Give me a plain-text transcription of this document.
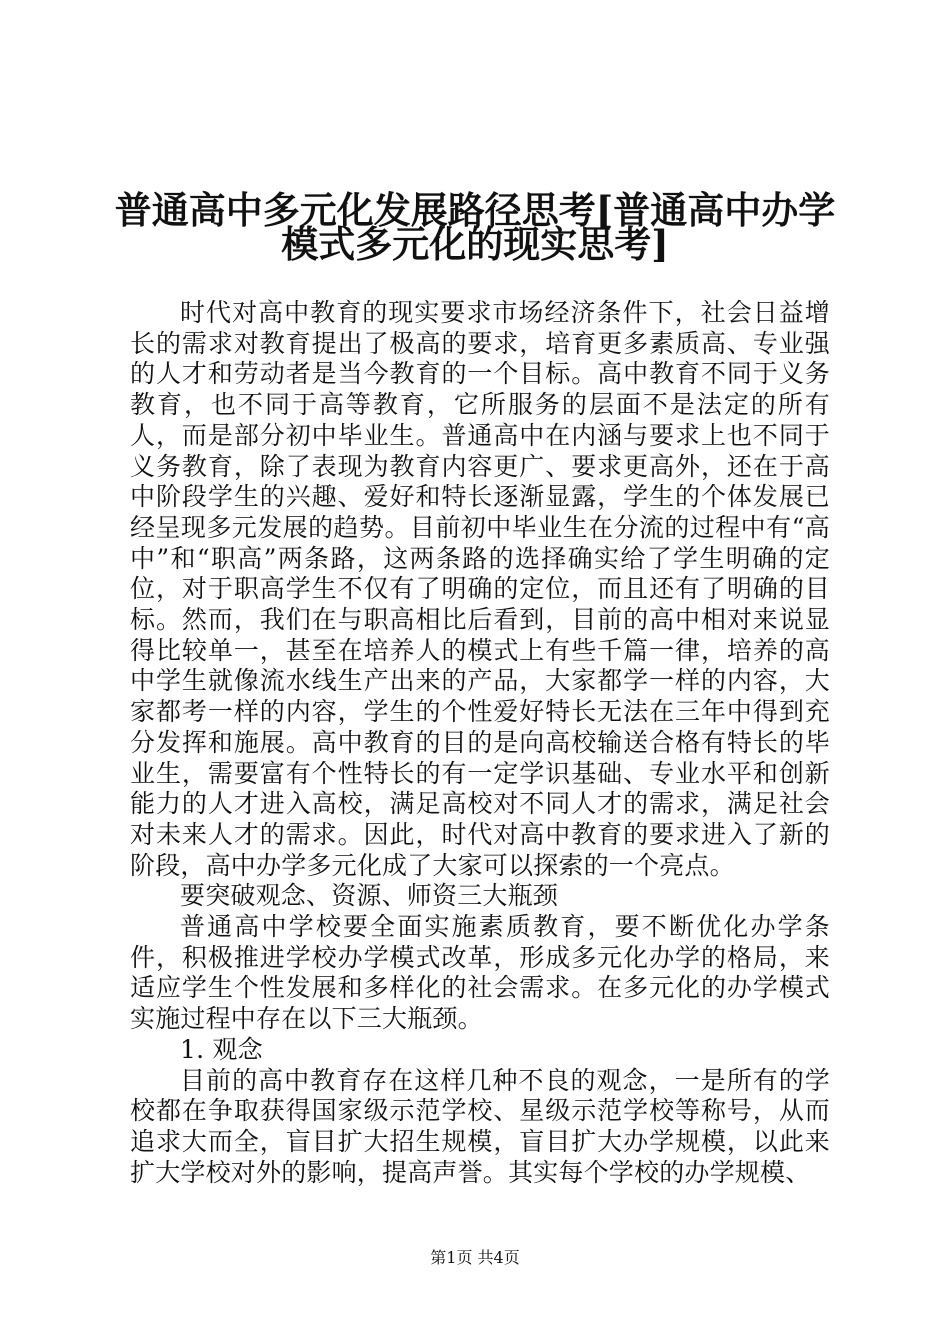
普通高中多元化发展路径思考[普通高中办学
模式多元化的现实思考]

时代对高中教育的现实要求市场经济条件下，社会日益增长的需求对教育提出了极高的要求，培育更多素质高、专业强的人才和劳动者是当今教育的一个目标。高中教育不同于义务教育，也不同于高等教育，它所服务的层面不是法定的所有人，而是部分初中毕业生。普通高中在内涵与要求上也不同于义务教育，除了表现为教育内容更广、要求更高外，还在于高中阶段学生的兴趣、爱好和特长逐渐显露，学生的个体发展已经呈现多元发展的趋势。目前初中毕业生在分流的过程中有“高中”和“职高”两条路，这两条路的选择确实给了学生明确的定位，对于职高学生不仅有了明确的定位，而且还有了明确的目标。然而，我们在与职高相比后看到，目前的高中相对来说显得比较单一，甚至在培养人的模式上有些千篇一律，培养的高中学生就像流水线生产出来的产品，大家都学一样的内容，大家都考一样的内容，学生的个性爱好特长无法在三年中得到充分发挥和施展。高中教育的目的是向高校输送合格有特长的毕业生，需要富有个性特长的有一定学识基础、专业水平和创新能力的人才进入高校，满足高校对不同人才的需求，满足社会对未来人才的需求。因此，时代对高中教育的要求进入了新的阶段，高中办学多元化成了大家可以探索的一个亮点。

要突破观念、资源、师资三大瓶颈

普通高中学校要全面实施素质教育，要不断优化办学条件，积极推进学校办学模式改革，形成多元化办学的格局，来适应学生个性发展和多样化的社会需求。在多元化的办学模式实施过程中存在以下三大瓶颈。

1. 观念

目前的高中教育存在这样几种不良的观念，一是所有的学校都在争取获得国家级示范学校、星级示范学校等称号，从而追求大而全，盲目扩大招生规模，盲目扩大办学规模，以此来扩大学校对外的影响，提高声誉。其实每个学校的办学规模、

第1页 共4页
